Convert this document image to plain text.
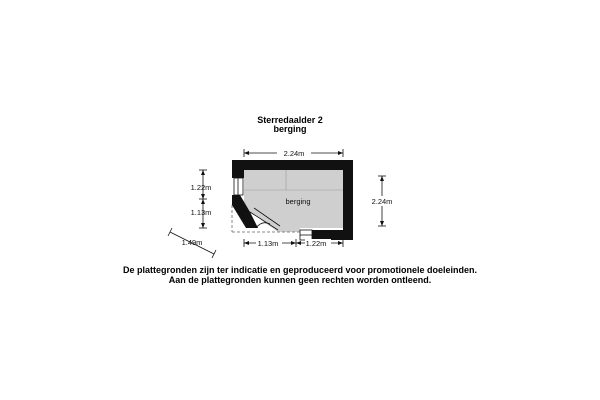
Sterredaalder 2
berging
2.24m
2.24m
1.22m
1.13m
1.13m	1.22m
1.49m
berging
De plattegronden zijn ter indicatie en geproduceerd voor promotionele doeleinden.
Aan de plattegronden kunnen geen rechten worden ontleend.
